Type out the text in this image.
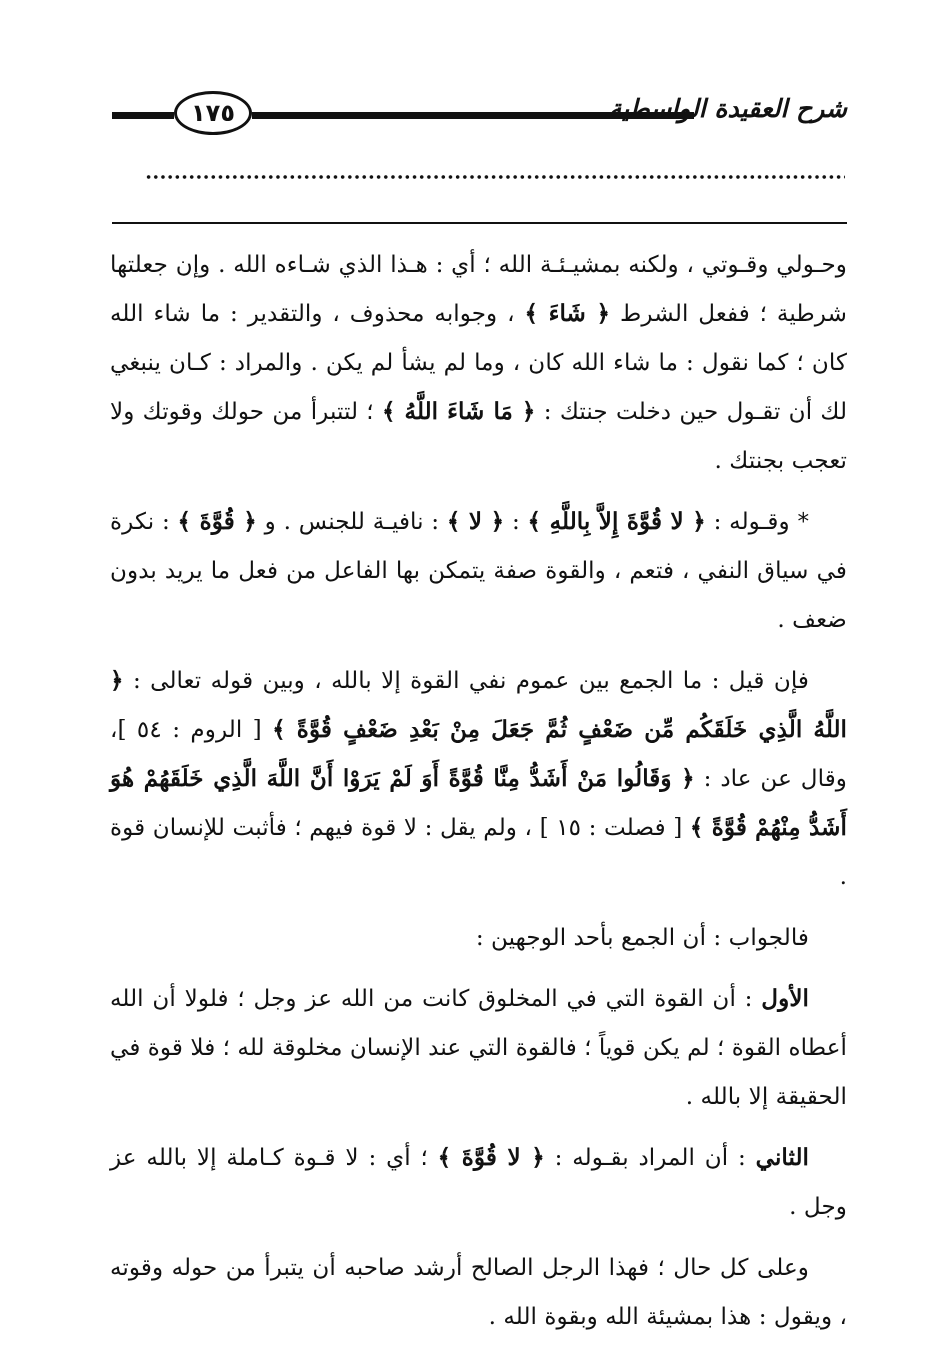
١٧٥	شرح العقيدة الواسطية

وحـولي وقـوتي ، ولكنه بمشيـئـة الله ؛ أي : هـذا الذي شـاءه الله . وإن جعلتها شرطية ؛ ففعل الشرط ﴿ شَاءَ ﴾ ، وجوابه محذوف ، والتقدير : ما شاء الله كان ؛ كما نقول : ما شاء الله كان ، وما لم يشأ لم يكن . والمراد : كـان ينبغي لك أن تقـول حين دخلت جنتك : ﴿ مَا شَاءَ اللَّهُ ﴾ ؛ لتتبرأ من حولك وقوتك ولا تعجب بجنتك .

* وقـوله : ﴿ لا قُوَّةَ إِلاَّ بِاللَّهِ ﴾ : ﴿ لا ﴾ : نافيـة للجنس . و ﴿ قُوَّةَ ﴾ : نكرة في سياق النفي ، فتعم ، والقوة صفة يتمكن بها الفاعل من فعل ما يريد بدون ضعف .

فإن قيل : ما الجمع بين عموم نفي القوة إلا بالله ، وبين قوله تعالى : ﴿ اللَّهُ الَّذِي خَلَقَكُم مِّن ضَعْفٍ ثُمَّ جَعَلَ مِنْ بَعْدِ ضَعْفٍ قُوَّةً ﴾ [ الروم : ٥٤ ]، وقال عن عاد : ﴿ وَقَالُوا مَنْ أَشَدُّ مِنَّا قُوَّةً أَوَ لَمْ يَرَوْا أَنَّ اللَّهَ الَّذِي خَلَقَهُمْ هُوَ أَشَدُّ مِنْهُمْ قُوَّةً ﴾ [ فصلت : ١٥ ] ، ولم يقل : لا قوة فيهم ؛ فأثبت للإنسان قوة .

فالجواب : أن الجمع بأحد الوجهين :

الأول : أن القوة التي في المخلوق كانت من الله عز وجل ؛ فلولا أن الله أعطاه القوة ؛ لم يكن قوياً ؛ فالقوة التي عند الإنسان مخلوقة لله ؛ فلا قوة في الحقيقة إلا بالله .

الثاني : أن المراد بقـوله : ﴿ لا قُوَّةَ ﴾ ؛ أي : لا قـوة كـاملة إلا بالله عز وجل .

وعلى كل حال ؛ فهذا الرجل الصالح أرشد صاحبه أن يتبرأ من حوله وقوته ، ويقول : هذا بمشيئة الله وبقوة الله .
